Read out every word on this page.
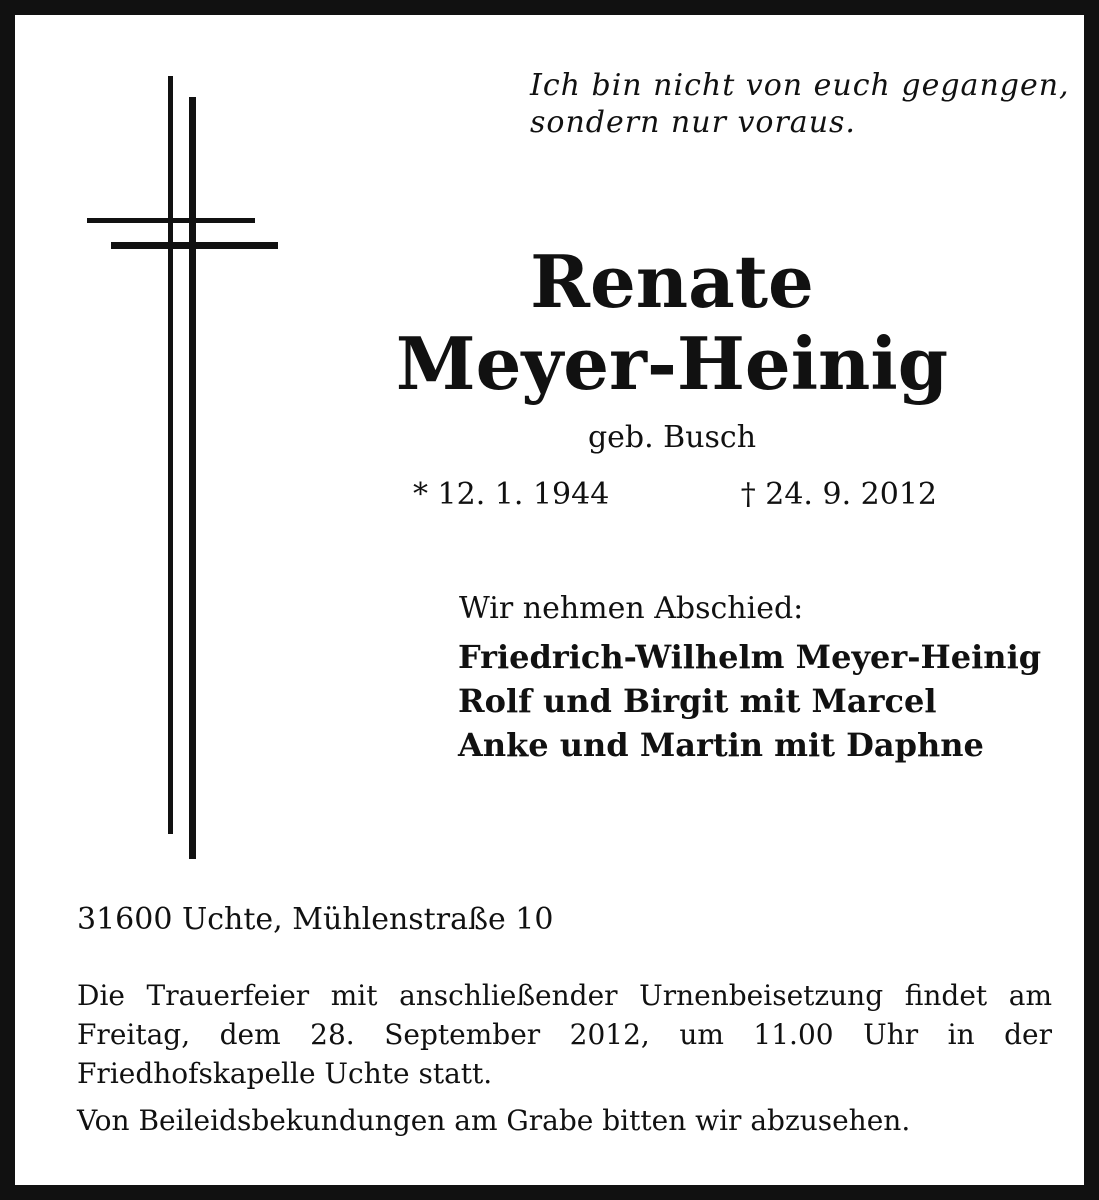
Ich bin nicht von euch gegangen,
sondern nur voraus.
Renate
Meyer-Heinig
geb. Busch
* 12. 1. 1944	† 24. 9. 2012
Wir nehmen Abschied:
Friedrich-Wilhelm Meyer-Heinig
Rolf und Birgit mit Marcel
Anke und Martin mit Daphne
31600 Uchte, Mühlenstraße 10

Die Trauerfeier mit anschließender Urnenbeisetzung findet am Freitag, dem 28. September 2012, um 11.00 Uhr in der Friedhofskapelle Uchte statt.

Von Beileidsbekundungen am Grabe bitten wir abzusehen.
